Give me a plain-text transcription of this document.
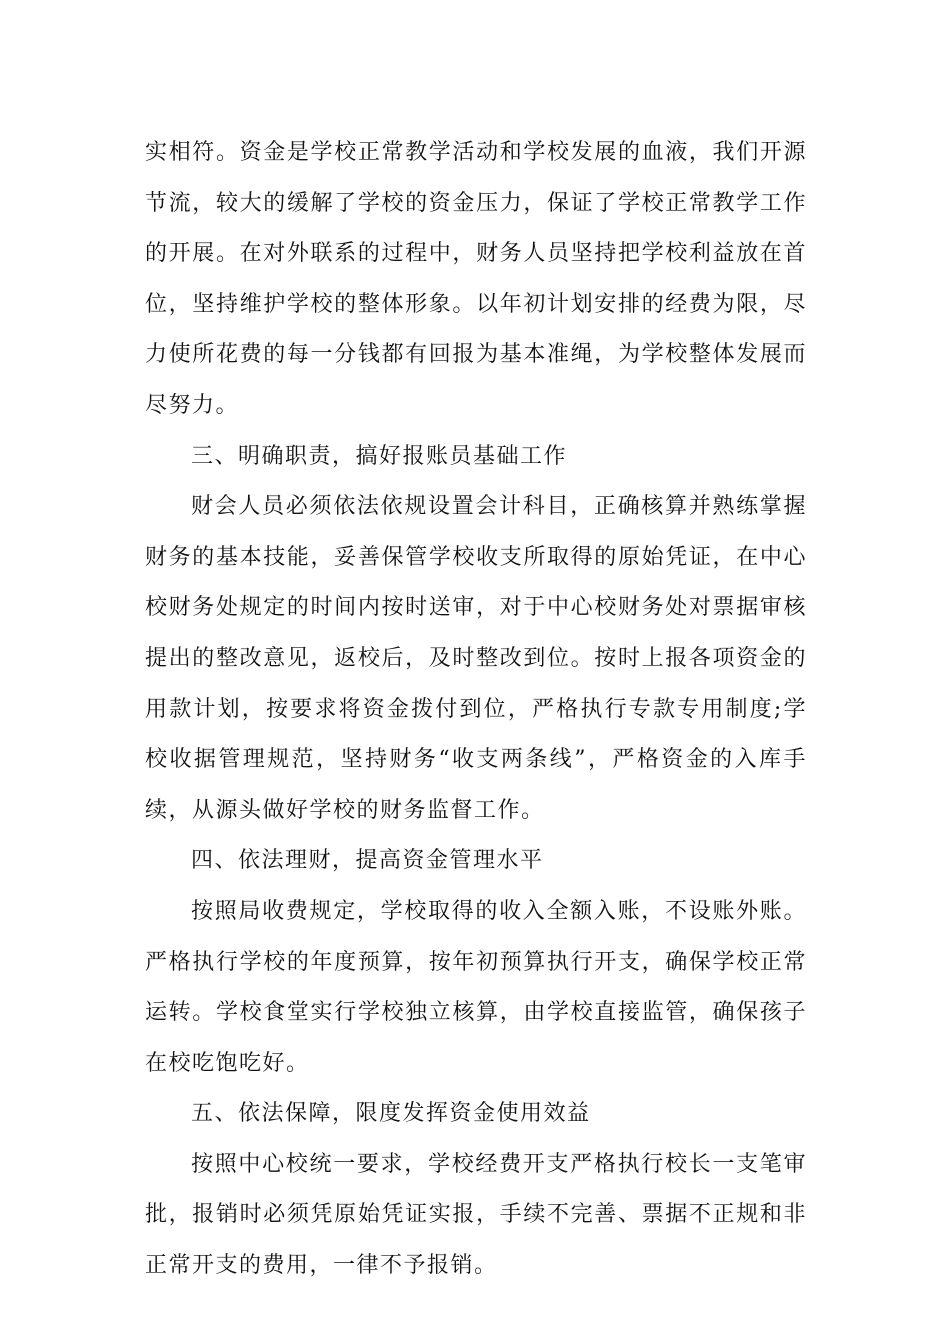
实相符。资金是学校正常教学活动和学校发展的血液，我们开源节流，较大的缓解了学校的资金压力，保证了学校正常教学工作的开展。在对外联系的过程中，财务人员坚持把学校利益放在首位，坚持维护学校的整体形象。以年初计划安排的经费为限，尽力使所花费的每一分钱都有回报为基本准绳，为学校整体发展而尽努力。

三、明确职责，搞好报账员基础工作

财会人员必须依法依规设置会计科目，正确核算并熟练掌握财务的基本技能，妥善保管学校收支所取得的原始凭证，在中心校财务处规定的时间内按时送审，对于中心校财务处对票据审核提出的整改意见，返校后，及时整改到位。按时上报各项资金的用款计划，按要求将资金拨付到位，严格执行专款专用制度;学校收据管理规范，坚持财务“收支两条线”，严格资金的入库手续，从源头做好学校的财务监督工作。

四、依法理财，提高资金管理水平

按照局收费规定，学校取得的收入全额入账，不设账外账。严格执行学校的年度预算，按年初预算执行开支，确保学校正常运转。学校食堂实行学校独立核算，由学校直接监管，确保孩子在校吃饱吃好。

五、依法保障，限度发挥资金使用效益

按照中心校统一要求，学校经费开支严格执行校长一支笔审批，报销时必须凭原始凭证实报，手续不完善、票据不正规和非正常开支的费用，一律不予报销。
